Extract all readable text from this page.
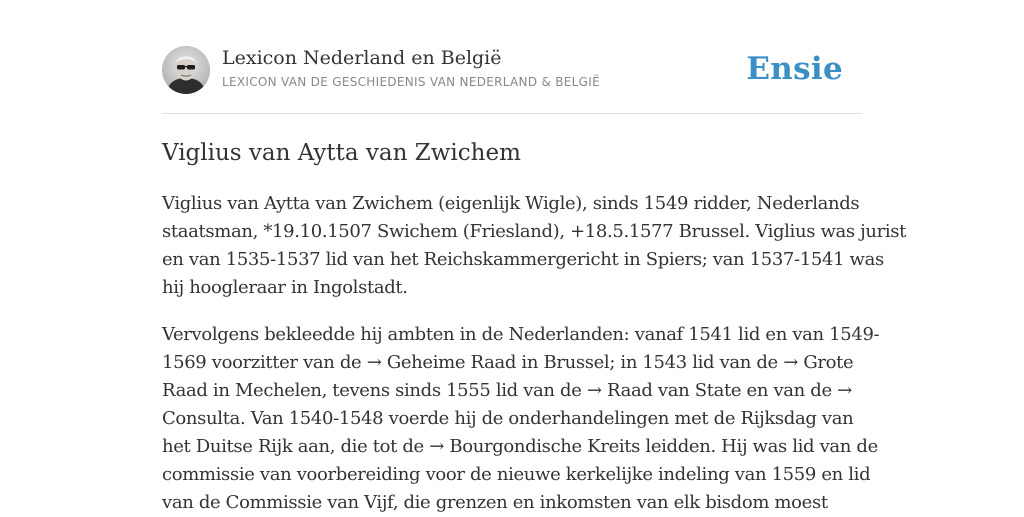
Lexicon Nederland en België
LEXICON VAN DE GESCHIEDENIS VAN NEDERLAND & BELGIË	Ensie
Viglius van Aytta van Zwichem

Viglius van Aytta van Zwichem (eigenlijk Wigle), sinds 1549 ridder, Nederlands
staatsman, *19.10.1507 Swichem (Friesland), +18.5.1577 Brussel. Viglius was jurist
en van 1535-1537 lid van het Reichskammergericht in Spiers; van 1537-1541 was
hij hoogleraar in Ingolstadt.

Vervolgens bekleedde hij ambten in de Nederlanden: vanaf 1541 lid en van 1549-
1569 voorzitter van de → Geheime Raad in Brussel; in 1543 lid van de → Grote
Raad in Mechelen, tevens sinds 1555 lid van de → Raad van State en van de →
Consulta. Van 1540-1548 voerde hij de onderhandelingen met de Rijksdag van
het Duitse Rijk aan, die tot de → Bourgondische Kreits leidden. Hij was lid van de
commissie van voorbereiding voor de nieuwe kerkelijke indeling van 1559 en lid
van de Commissie van Vijf, die grenzen en inkomsten van elk bisdom moest
